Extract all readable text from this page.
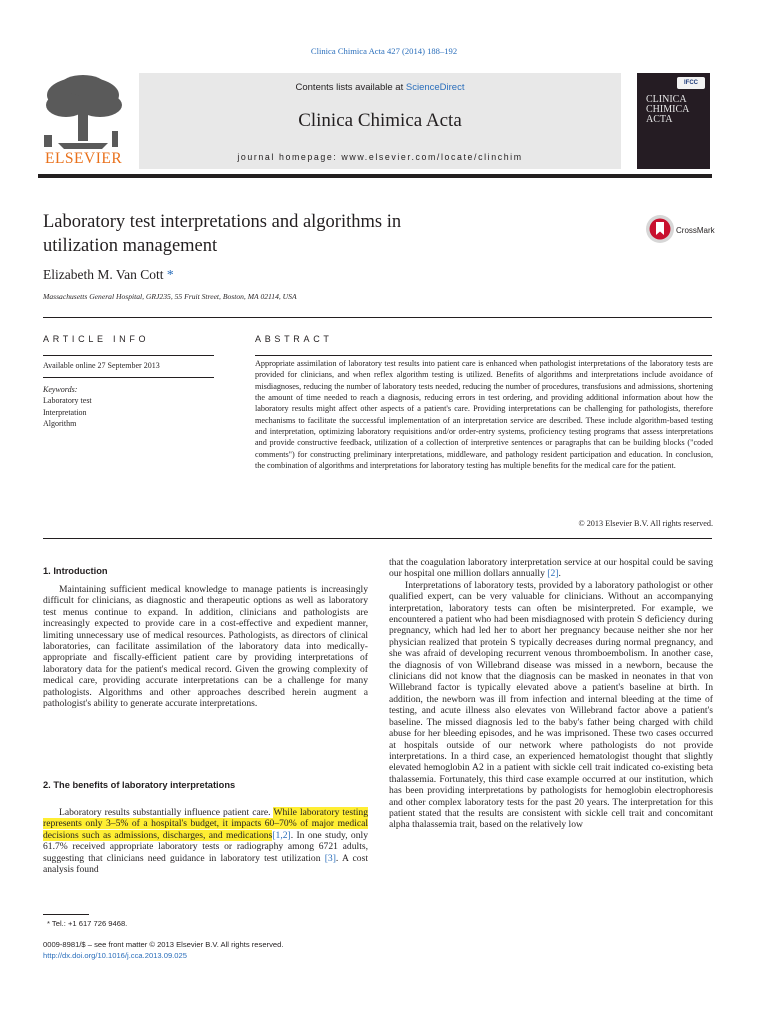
Clinica Chimica Acta 427 (2014) 188–192
ELSEVIER
Contents lists available at ScienceDirect
Clinica Chimica Acta
journal homepage: www.elsevier.com/locate/clinchim
IFCC
CLINICA
CHIMICA
ACTA
Laboratory test interpretations and algorithms in utilization management
CrossMark
Elizabeth M. Van Cott *
Massachusetts General Hospital, GRJ235, 55 Fruit Street, Boston, MA 02114, USA
ARTICLE INFO	ABSTRACT
Available online 27 September 2013
Keywords:
Laboratory test
Interpretation
Algorithm
Appropriate assimilation of laboratory test results into patient care is enhanced when pathologist interpretations of the laboratory tests are provided for clinicians, and when reflex algorithm testing is utilized. Benefits of algorithms and interpretations include avoidance of misdiagnoses, reducing the number of laboratory tests needed, reducing the number of procedures, transfusions and admissions, shortening the amount of time needed to reach a diagnosis, reducing errors in test ordering, and providing additional information about how the laboratory results might affect other aspects of a patient's care. Providing interpretations can be challenging for pathologists, therefore mechanisms to facilitate the successful implementation of an interpretation service are described. These include algorithm-based testing and interpretation, optimizing laboratory requisitions and/or order-entry systems, proficiency testing programs that assess interpretations and provide constructive feedback, utilization of a collection of interpretive sentences or paragraphs that can be building blocks ("coded comments") for constructing preliminary interpretations, middleware, and pathology resident participation and education. In conclusion, the combination of algorithms and interpretations for laboratory testing has multiple benefits for the medical care for the patient.
© 2013 Elsevier B.V. All rights reserved.
1. Introduction

Maintaining sufficient medical knowledge to manage patients is increasingly difficult for clinicians, as diagnostic and therapeutic options as well as laboratory test menus continue to expand. In addition, clinicians and pathologists are increasingly expected to provide care in a cost-effective and expedient manner, limiting unnecessary use of medical resources. Pathologists, as directors of clinical laboratories, can facilitate assimilation of the laboratory data into medically-appropriate and fiscally-efficient patient care by providing interpretations of laboratory data for the patient's medical record. Given the growing complexity of medical care, providing accurate interpretations can be a challenge for many pathologists. Algorithms and other approaches described herein augment a pathologist's ability to generate accurate interpretations.

2. The benefits of laboratory interpretations

Laboratory results substantially influence patient care. While laboratory testing represents only 3–5% of a hospital's budget, it impacts 60–70% of major medical decisions such as admissions, discharges, and medications[1,2]. In one study, only 61.7% received appropriate laboratory tests or radiography among 6721 adults, suggesting that clinicians need guidance in laboratory test utilization [3]. A cost analysis found

that the coagulation laboratory interpretation service at our hospital could be saving our hospital one million dollars annually [2].

Interpretations of laboratory tests, provided by a laboratory pathologist or other qualified expert, can be very valuable for clinicians. Without an accompanying interpretation, laboratory tests can often be misinterpreted. For example, we encountered a patient who had been misdiagnosed with protein S deficiency during pregnancy, which had led her to abort her pregnancy because neither she nor her physician realized that protein S typically decreases during normal pregnancy, and she was afraid of developing recurrent venous thromboembolism. In another case, the diagnosis of von Willebrand disease was missed in a newborn, because the clinicians did not know that the diagnosis can be masked in neonates in that von Willebrand factor is typically elevated above a patient's baseline at birth. In addition, the newborn was ill from infection and internal bleeding at the time of testing, and acute illness also elevates von Willebrand factor above a patient's baseline. The missed diagnosis led to the baby's father being charged with child abuse for her bleeding episodes, and he was imprisoned. These two cases occurred at hospitals outside of our network where pathologists do not provide interpretations. In a third case, an experienced hematologist thought that slightly elevated hemoglobin A2 in a patient with sickle cell trait indicated co-existing beta thalassemia. Fortunately, this third case example occurred at our institution, which has been providing interpretations by pathologists for hemoglobin electrophoresis and other complex laboratory tests for the past 20 years. The interpretation for this patient stated that the results are consistent with sickle cell trait and concomitant alpha thalassemia trait, based on the relatively low

* Tel.: +1 617 726 9468.
0009-8981/$ – see front matter © 2013 Elsevier B.V. All rights reserved.
http://dx.doi.org/10.1016/j.cca.2013.09.025
